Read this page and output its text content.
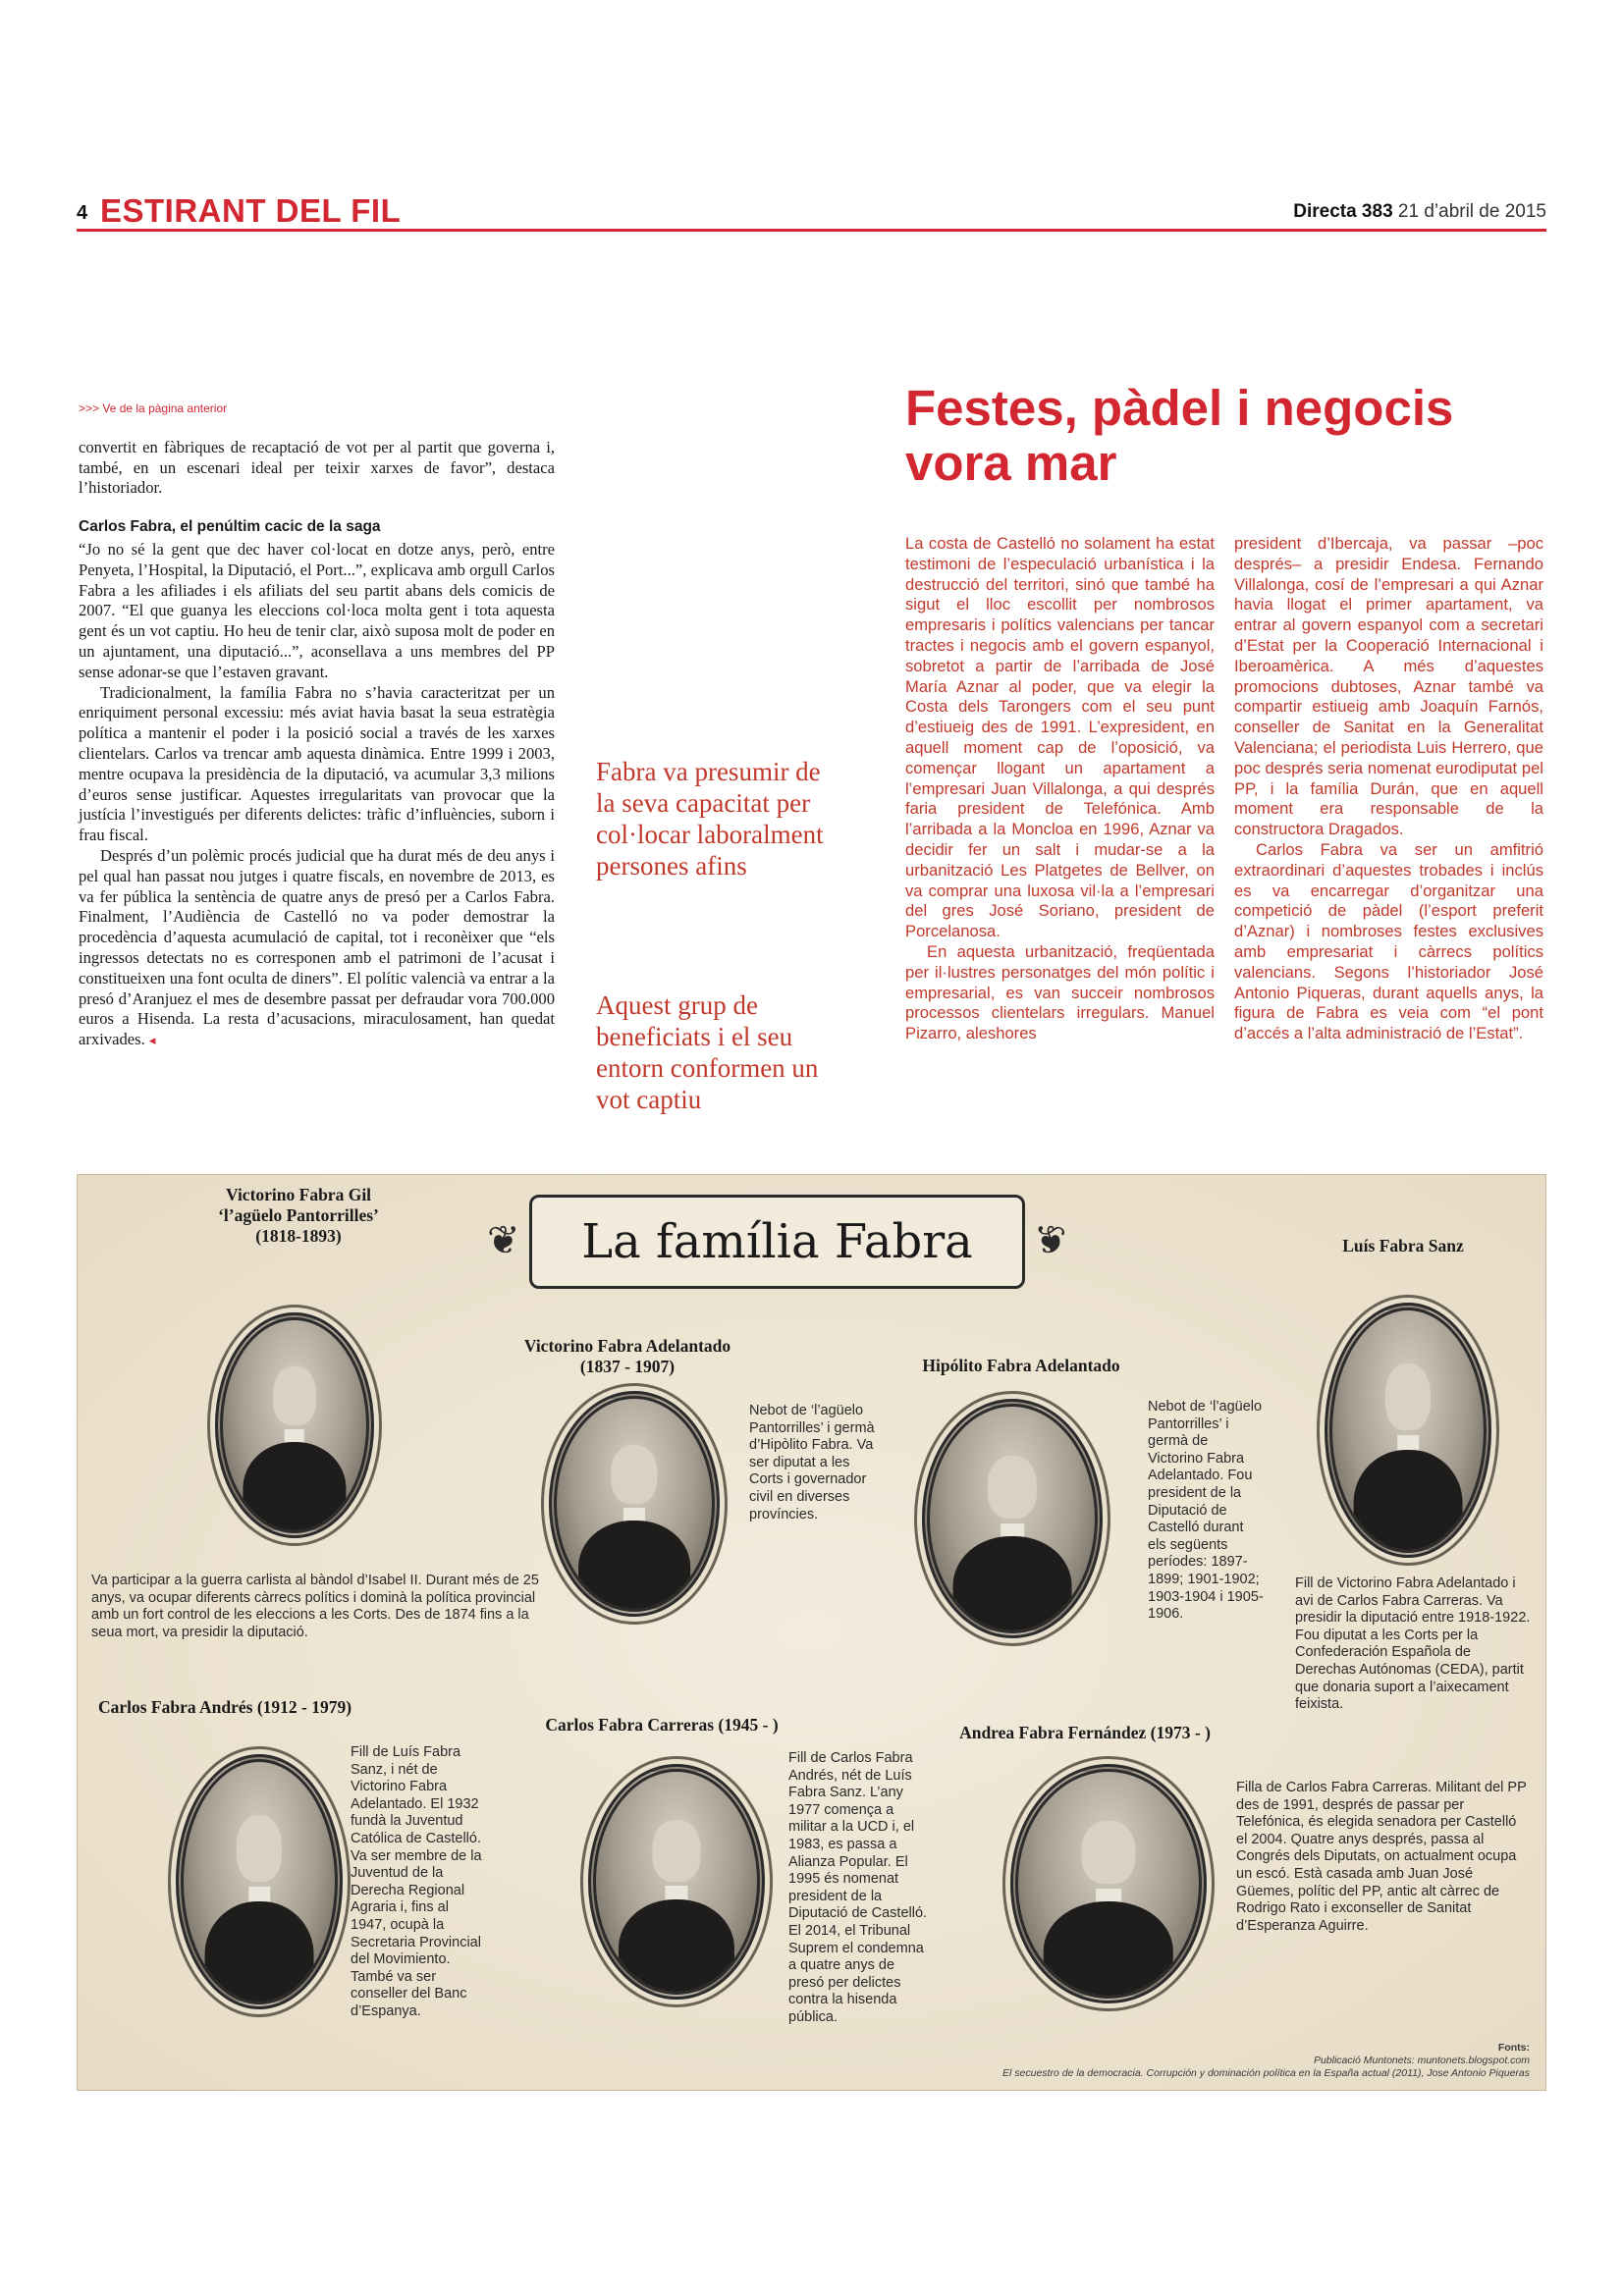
4 ESTIRANT DEL FIL	Directa 383 21 d’abril de 2015
>>> Ve de la pàgina anterior

convertit en fàbriques de recaptació de vot per al partit que governa i, també, en un escenari ideal per teixir xarxes de favor”, destaca l’historiador.

Carlos Fabra, el penúltim cacic de la saga

“Jo no sé la gent que dec haver col·locat en dotze anys, però, entre Penyeta, l’Hospital, la Diputació, el Port...”, explicava amb orgull Carlos Fabra a les afiliades i els afiliats del seu partit abans dels comicis de 2007. “El que guanya les eleccions col·loca molta gent i tota aquesta gent és un vot captiu. Ho heu de tenir clar, això suposa molt de poder en un ajuntament, una diputació...”, aconsellava a uns membres del PP sense adonar-se que l’estaven gravant.

Tradicionalment, la família Fabra no s’havia caracteritzat per un enriquiment personal excessiu: més aviat havia basat la seua estratègia política a mantenir el poder i la posició social a través de les xarxes clientelars. Carlos va trencar amb aquesta dinàmica. Entre 1999 i 2003, mentre ocupava la presidència de la diputació, va acumular 3,3 milions d’euros sense justificar. Aquestes irregularitats van provocar que la justícia l’investigués per diferents delictes: tràfic d’influències, suborn i frau fiscal.

Després d’un polèmic procés judicial que ha durat més de deu anys i pel qual han passat nou jutges i quatre fiscals, en novembre de 2013, es va fer pública la sentència de quatre anys de presó per a Carlos Fabra. Finalment, l’Audiència de Castelló no va poder demostrar la procedència d’aquesta acumulació de capital, tot i reconèixer que “els ingressos detectats no es corresponen amb el patrimoni de l’acusat i constitueixen una font oculta de diners”. El polític valencià va entrar a la presó d’Aranjuez el mes de desembre passat per defraudar vora 700.000 euros a Hisenda. La resta d’acusacions, miraculosament, han quedat arxivades. ◂

Fabra va presumir de la seva capacitat per col·locar laboralment persones afins
Aquest grup de beneficiats i el seu entorn conformen un vot captiu
Festes, pàdel i negocis vora mar

La costa de Castelló no solament ha estat testimoni de l’especulació urbanística i la destrucció del territori, sinó que també ha sigut el lloc escollit per nombrosos empresaris i polítics valencians per tancar tractes i negocis amb el govern espanyol, sobretot a partir de l’arribada de José María Aznar al poder, que va elegir la Costa dels Tarongers com el seu punt d’estiueig des de 1991. L’expresident, en aquell moment cap de l’oposició, va començar llogant un apartament a l’empresari Juan Villalonga, a qui després faria president de Telefónica. Amb l’arribada a la Moncloa en 1996, Aznar va decidir fer un salt i mudar-se a la urbanització Les Platgetes de Bellver, on va comprar una luxosa vil·la a l’empresari del gres José Soriano, president de Porcelanosa.

En aquesta urbanització, freqüentada per il·lustres personatges del món polític i empresarial, es van succeir nombrosos processos clientelars irregulars. Manuel Pizarro, aleshores

president d’Ibercaja, va passar –poc després– a presidir Endesa. Fernando Villalonga, cosí de l’empresari a qui Aznar havia llogat el primer apartament, va entrar al govern espanyol com a secretari d’Estat per la Cooperació Internacional i Iberoamèrica. A més d’aquestes promocions dubtoses, Aznar també va compartir estiueig amb Joaquín Farnós, conseller de Sanitat en la Generalitat Valenciana; el periodista Luis Herrero, que poc després seria nomenat eurodiputat pel PP, i la família Durán, que en aquell moment era responsable de la constructora Dragados.

Carlos Fabra va ser un amfitrió extraordinari d’aquestes trobades i inclús es va encarregar d’organitzar una competició de pàdel (l’esport preferit d’Aznar) i nombroses festes exclusives amb empresariat i càrrecs polítics valencians. Segons l’historiador José Antonio Piqueras, durant aquells anys, la figura de Fabra es veia com “el pont d’accés a l’alta administració de l’Estat”.

❦ La família Fabra
❦
Victorino Fabra Gil
‘l’agüelo Pantorrilles’
(1818-1893)
Va participar a la guerra carlista al bàndol d’Isabel II. Durant més de 25 anys, va ocupar diferents càrrecs polítics i dominà la política provincial amb un fort control de les eleccions a les Corts. Des de 1874 fins a la seua mort, va presidir la diputació.
Victorino Fabra Adelantado
(1837 - 1907)
Nebot de ‘l’agüelo Pantorrilles’ i germà d’Hipòlito Fabra. Va ser diputat a les Corts i governador civil en diverses províncies.
Hipólito Fabra Adelantado
Nebot de ‘l’agüelo Pantorrilles’ i germà de Victorino Fabra Adelantado. Fou president de la Diputació de Castelló durant els següents períodes: 1897-1899; 1901-1902; 1903-1904 i 1905-1906.
Luís Fabra Sanz
Fill de Victorino Fabra Adelantado i avi de Carlos Fabra Carreras. Va presidir la diputació entre 1918-1922. Fou diputat a les Corts per la Confederación Española de Derechas Autónomas (CEDA), partit que donaria suport a l’aixecament feixista.
Carlos Fabra Andrés (1912 - 1979)
Fill de Luís Fabra Sanz, i nét de Victorino Fabra Adelantado. El 1932 fundà la Juventud Católica de Castelló. Va ser membre de la Juventud de la Derecha Regional Agraria i, fins al 1947, ocupà la Secretaria Provincial del Movimiento. També va ser conseller del Banc d’Espanya.
Carlos Fabra Carreras (1945 - )
Fill de Carlos Fabra Andrés, nét de Luís Fabra Sanz. L’any 1977 comença a militar a la UCD i, el 1983, es passa a Alianza Popular. El 1995 és nomenat president de la Diputació de Castelló. El 2014, el Tribunal Suprem el condemna a quatre anys de presó per delictes contra la hisenda pública.
Andrea Fabra Fernández (1973 - )
Filla de Carlos Fabra Carreras. Militant del PP des de 1991, després de passar per Telefónica, és elegida senadora per Castelló el 2004. Quatre anys després, passa al Congrés dels Diputats, on actualment ocupa un escó. Està casada amb Juan José Güemes, polític del PP, antic alt càrrec de Rodrigo Rato i exconseller de Sanitat d’Esperanza Aguirre.
Fonts:
Publicació Muntonets: muntonets.blogspot.com
El secuestro de la democracia. Corrupción y dominación política en la España actual (2011), Jose Antonio Piqueras
